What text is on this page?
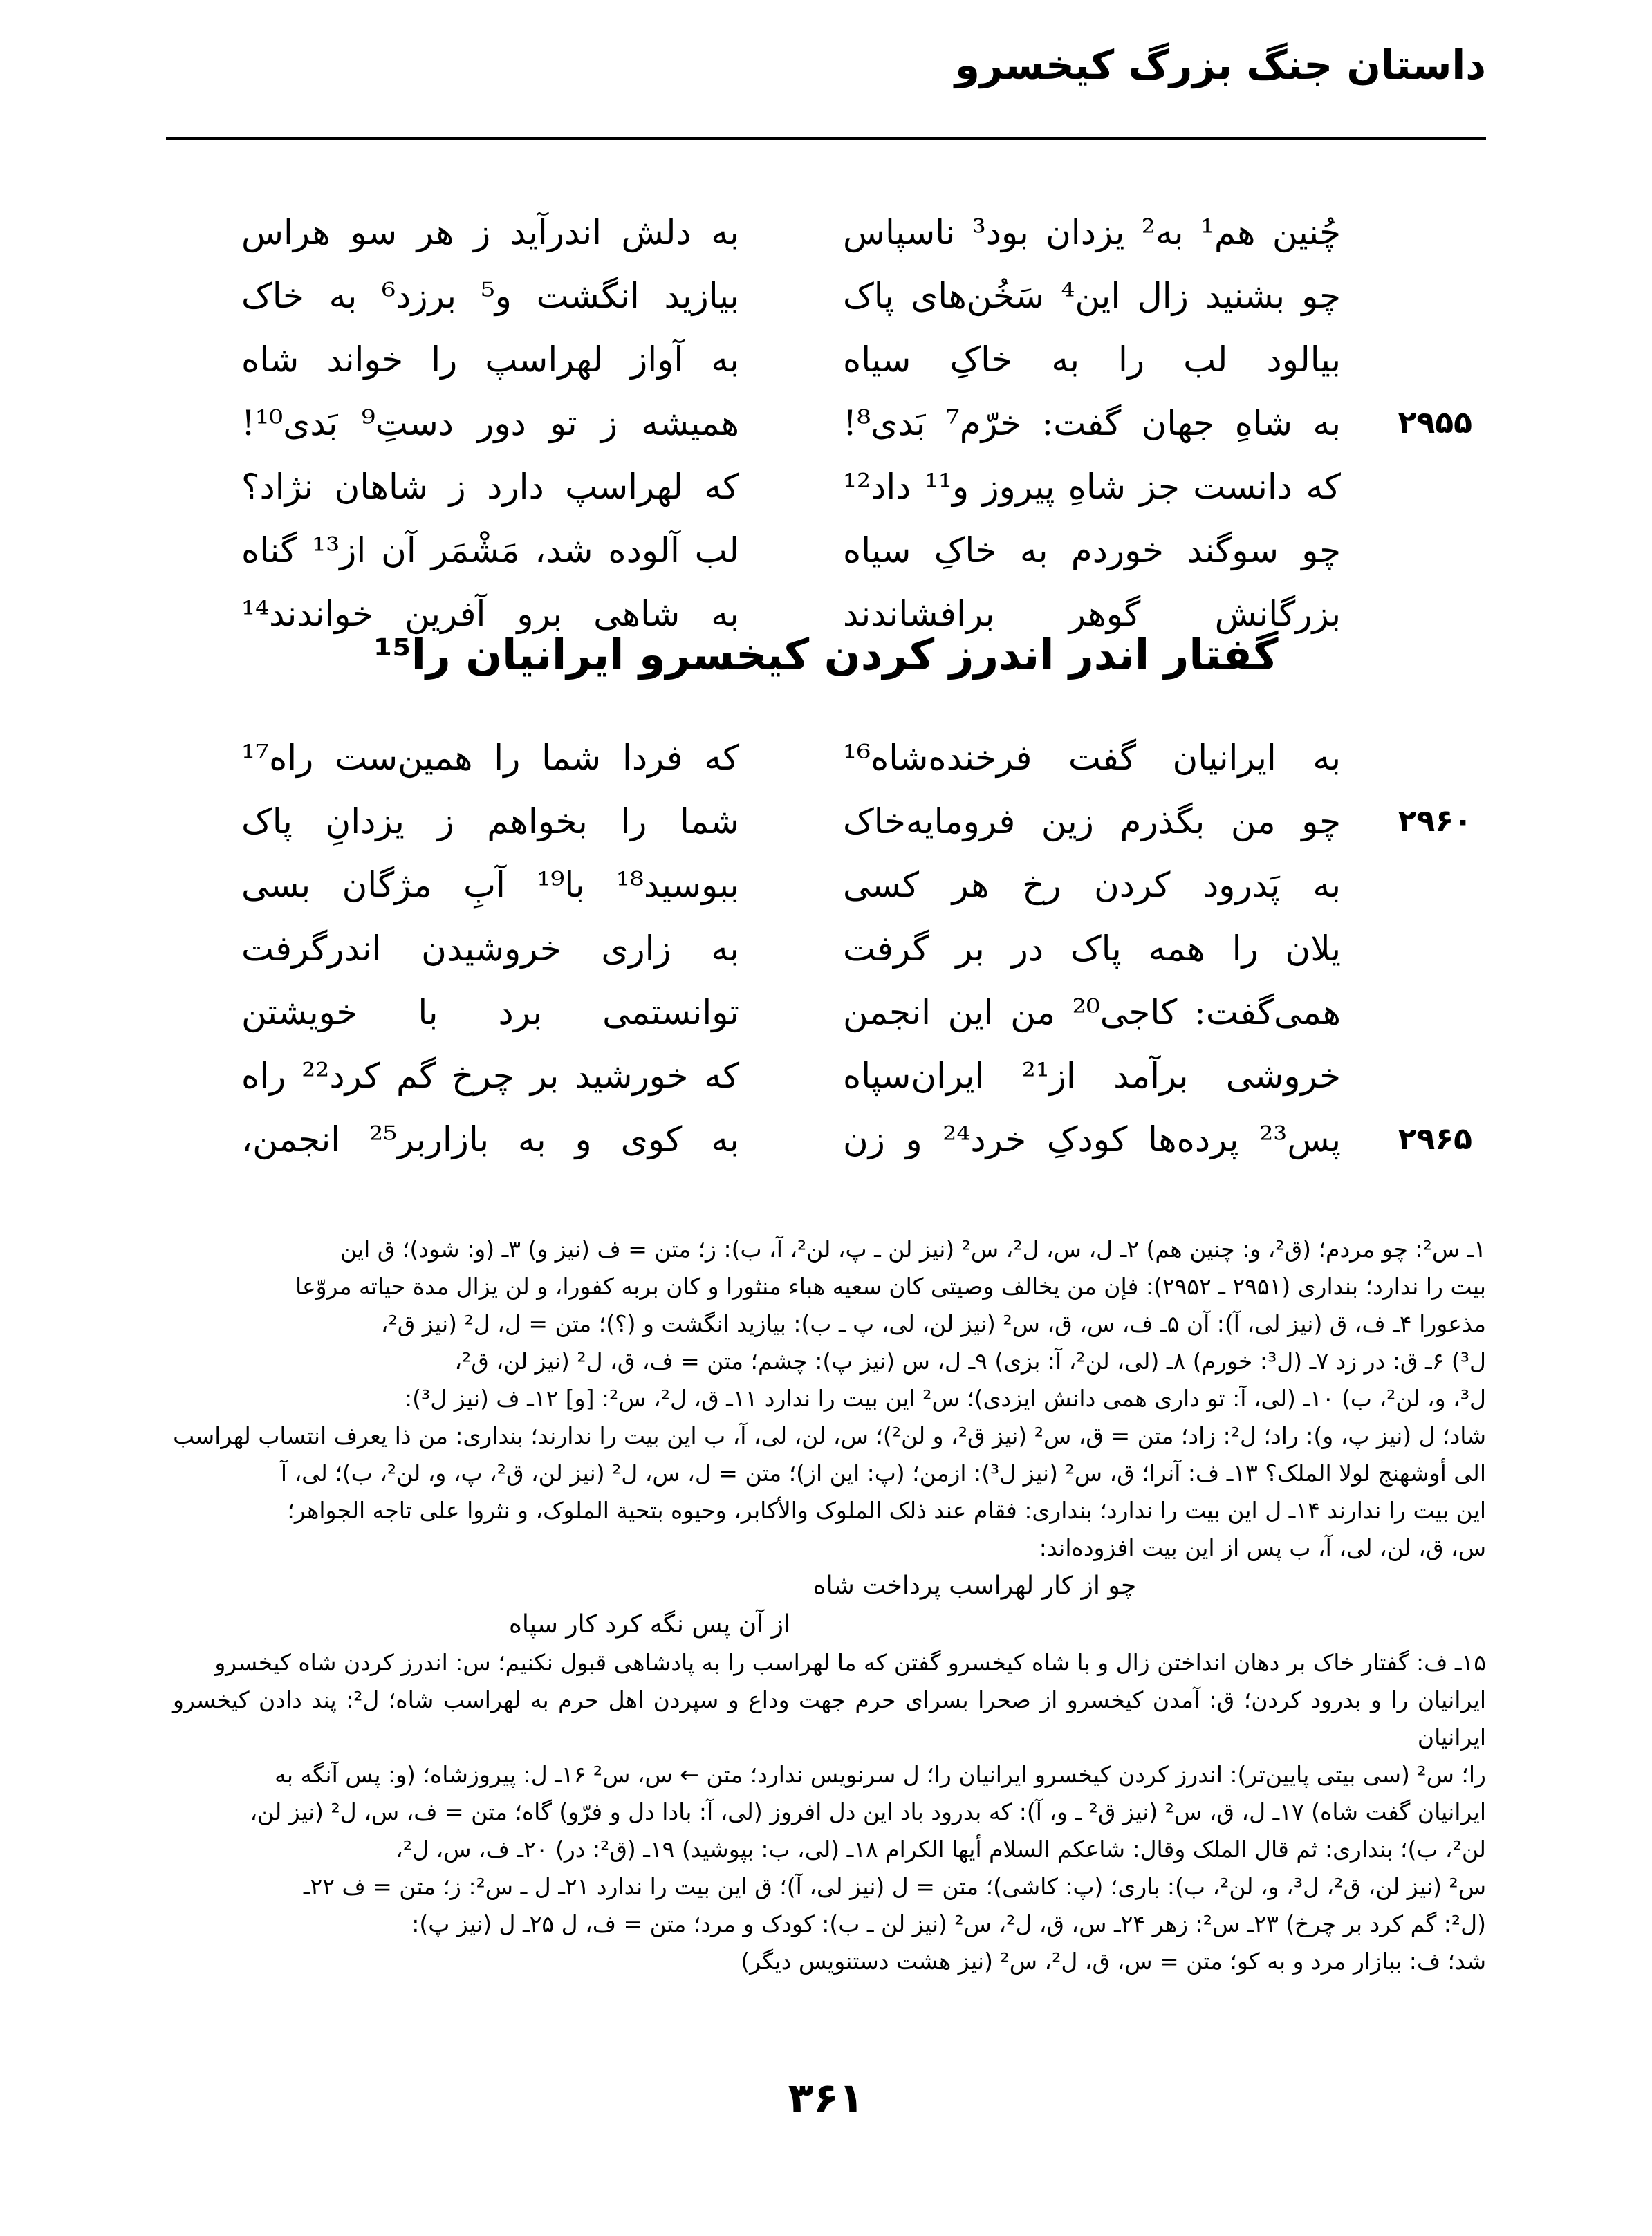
داستان جنگ بزرگ کیخسرو
چُنین هم¹ به² یزدان بود³ ناسپاس
به دلش اندرآید ز هر سو هراس
چو بشنید زال این⁴ سَخُن‌های پاک
بیازید انگشت و⁵ برزد⁶ به خاک
بیالود لب را به خاکِ سیاه
به آواز لهراسپ را خواند شاه
۲۹۵۵
به شاهِ جهان گفت: خرّم⁷ بَدی⁸!
همیشه ز تو دور دستِ⁹ بَدی¹⁰!
که دانست جز شاهِ پیروز و¹¹ داد¹²
که لهراسپ دارد ز شاهان نژاد؟
چو سوگند خوردم به خاکِ سیاه
لب آلوده شد، مَشْمَر آن از¹³ گناه
بزرگانش گوهر برافشاندند
به شاهی برو آفرین خواندند¹⁴
گفتار اندر اندرز کردن کیخسرو ایرانیان را¹⁵
به ایرانیان گفت فرخنده‌شاه¹⁶
که فردا شما را همین‌ست راه¹⁷
۲۹۶۰
چو من بگذرم زین فرومایه‌خاک
شما را بخواهم ز یزدانِ پاک
به پَدرود کردن رخ هر کسی
ببوسید¹⁸ با¹⁹ آبِ مژگان بسی
یلان را همه پاک در بر گرفت
به زاری خروشیدن اندرگرفت
همی‌گفت: کاجی²⁰ من این انجمن
توانستمی برد با خویشتن
خروشی برآمد از²¹ ایران‌سپاه
که خورشید بر چرخ گم کرد²² راه
۲۹۶۵
پس²³ پرده‌ها کودکِ خرد²⁴ و زن
به کوی و به بازاربر²⁵ انجمن،
۱ـ س²: چو مردم؛ (ق²، و: چنین هم) ۲ـ ل، س، ل²، س² (نیز لن ـ پ، لن²، آ، ب): ز؛ متن = ف (نیز و) ۳ـ (و: شود)؛ ق این
بیت را ندارد؛ بنداری (۲۹۵۱ ـ ۲۹۵۲): فإن من یخالف وصیتی کان سعیه هباء منثورا و کان بربه کفورا، و لن یزال مدة حیاته مروّعا
مذعورا ۴ـ ف، ق (نیز لی، آ): آن ۵ـ ف، س، ق، س² (نیز لن، لی، پ ـ ب): بیازید انگشت و (؟)؛ متن = ل، ل² (نیز ق²،
ل³) ۶ـ ق: در زد ۷ـ (ل³: خورم) ۸ـ (لی، لن²، آ: بزی) ۹ـ ل، س (نیز پ): چشم؛ متن = ف، ق، ل² (نیز لن، ق²،
ل³، و، لن²، ب) ۱۰ـ (لی، آ: تو داری همی دانش ایزدی)؛ س² این بیت را ندارد ۱۱ـ ق، ل²، س²: [و] ۱۲ـ ف (نیز ل³):
شاد؛ ل (نیز پ، و): راد؛ ل²: زاد؛ متن = ق، س² (نیز ق²، و لن²)؛ س، لن، لی، آ، ب این بیت را ندارند؛ بنداری: من ذا یعرف انتساب لهراسب
الی أوشهنج لولا الملک؟ ۱۳ـ ف: آنرا؛ ق، س² (نیز ل³): ازمن؛ (پ: این از)؛ متن = ل، س، ل² (نیز لن، ق²، پ، و، لن²، ب)؛ لی، آ
این بیت را ندارند ۱۴ـ ل این بیت را ندارد؛ بنداری: فقام عند ذلک الملوک والأکابر، وحیوه بتحیة الملوک، و نثروا علی تاجه الجواهر؛
س، ق، لن، لی، آ، ب پس از این بیت افزوده‌اند:
چو از کار لهراسب پرداخت شاه
از آن پس نگه کرد کار سپاه
۱۵ـ ف: گفتار خاک بر دهان انداختن زال و با شاه کیخسرو گفتن که ما لهراسب را به پادشاهی قبول نکنیم؛ س: اندرز کردن شاه کیخسرو
ایرانیان را و بدرود کردن؛ ق: آمدن کیخسرو از صحرا بسرای حرم جهت وداع و سپردن اهل حرم به لهراسب شاه؛ ل²: پند دادن کیخسرو ایرانیان
را؛ س² (سی بیتی پایین‌تر): اندرز کردن کیخسرو ایرانیان را؛ ل سرنویس ندارد؛ متن ← س، س² ۱۶ـ ل: پیروزشاه؛ (و: پس آنگه به
ایرانیان گفت شاه) ۱۷ـ ل، ق، س² (نیز ق² ـ و، آ): که بدرود باد این دل افروز (لی، آ: بادا دل و فرّو) گاه؛ متن = ف، س، ل² (نیز لن،
لن²، ب)؛ بنداری: ثم قال الملک وقال: شاعکم السلام أیها الکرام ۱۸ـ (لی، ب: بپوشید) ۱۹ـ (ق²: در) ۲۰ـ ف، س، ل²،
س² (نیز لن، ق²، ل³، و، لن²، ب): باری؛ (پ: کاشی)؛ متن = ل (نیز لی، آ)؛ ق این بیت را ندارد ۲۱ـ ل ـ س²: ز؛ متن = ف ۲۲ـ
(ل²: گم کرد بر چرخ) ۲۳ـ س²: زهر ۲۴ـ س، ق، ل²، س² (نیز لن ـ ب): کودک و مرد؛ متن = ف، ل ۲۵ـ ل (نیز پ):
شد؛ ف: ببازار مرد و به کو؛ متن = س، ق، ل²، س² (نیز هشت دستنویس دیگر)
۳۶۱
